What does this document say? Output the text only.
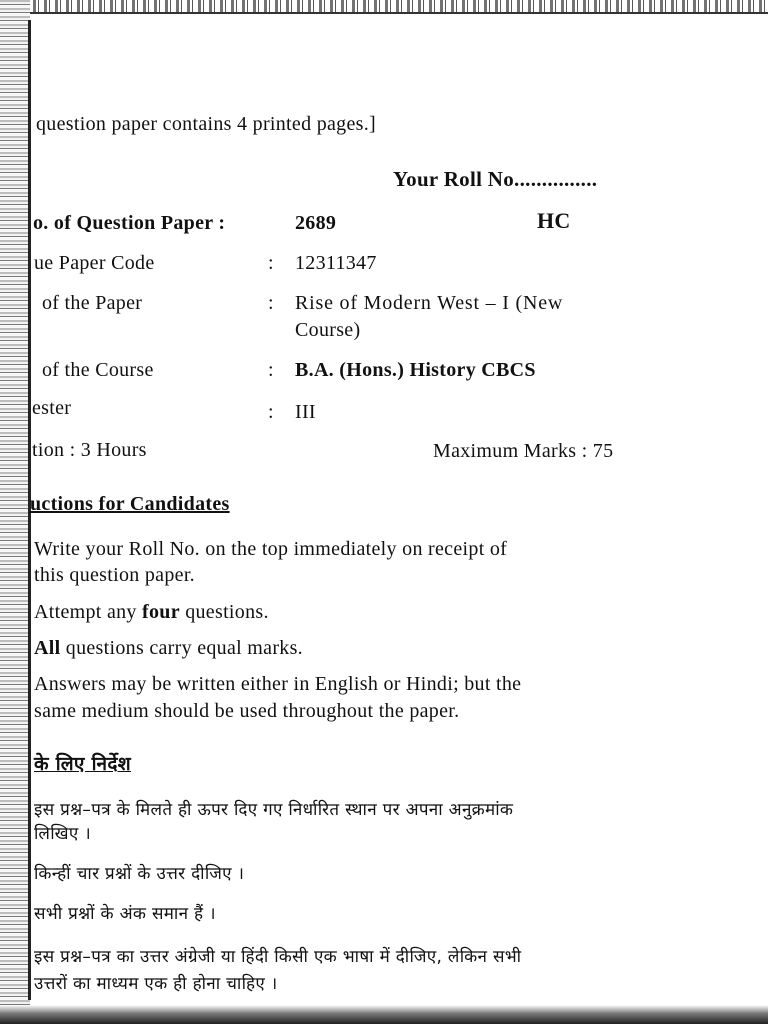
question paper contains 4 printed pages.]
Your Roll No...............
o. of Question Paper :	2689	HC
ue Paper Code	: 12311347
of the Paper	: Rise of Modern West – I (New
Course)
of the Course	: B.A. (Hons.) History CBCS
ester	: III
tion : 3 Hours	Maximum Marks : 75
uctions for Candidates
Write your Roll No. on the top immediately on receipt of
this question paper.
Attempt any four questions.
All questions carry equal marks.
Answers may be written either in English or Hindi; but the
same medium should be used throughout the paper.
के लिए निर्देश
इस प्रश्न–पत्र के मिलते ही ऊपर दिए गए निर्धारित स्थान पर अपना अनुक्रमांक
लिखिए ।
किन्हीं चार प्रश्नों के उत्तर दीजिए ।
सभी प्रश्नों के अंक समान हैं ।
इस प्रश्न–पत्र का उत्तर अंग्रेजी या हिंदी किसी एक भाषा में दीजिए, लेकिन सभी
उत्तरों का माध्यम एक ही होना चाहिए ।
